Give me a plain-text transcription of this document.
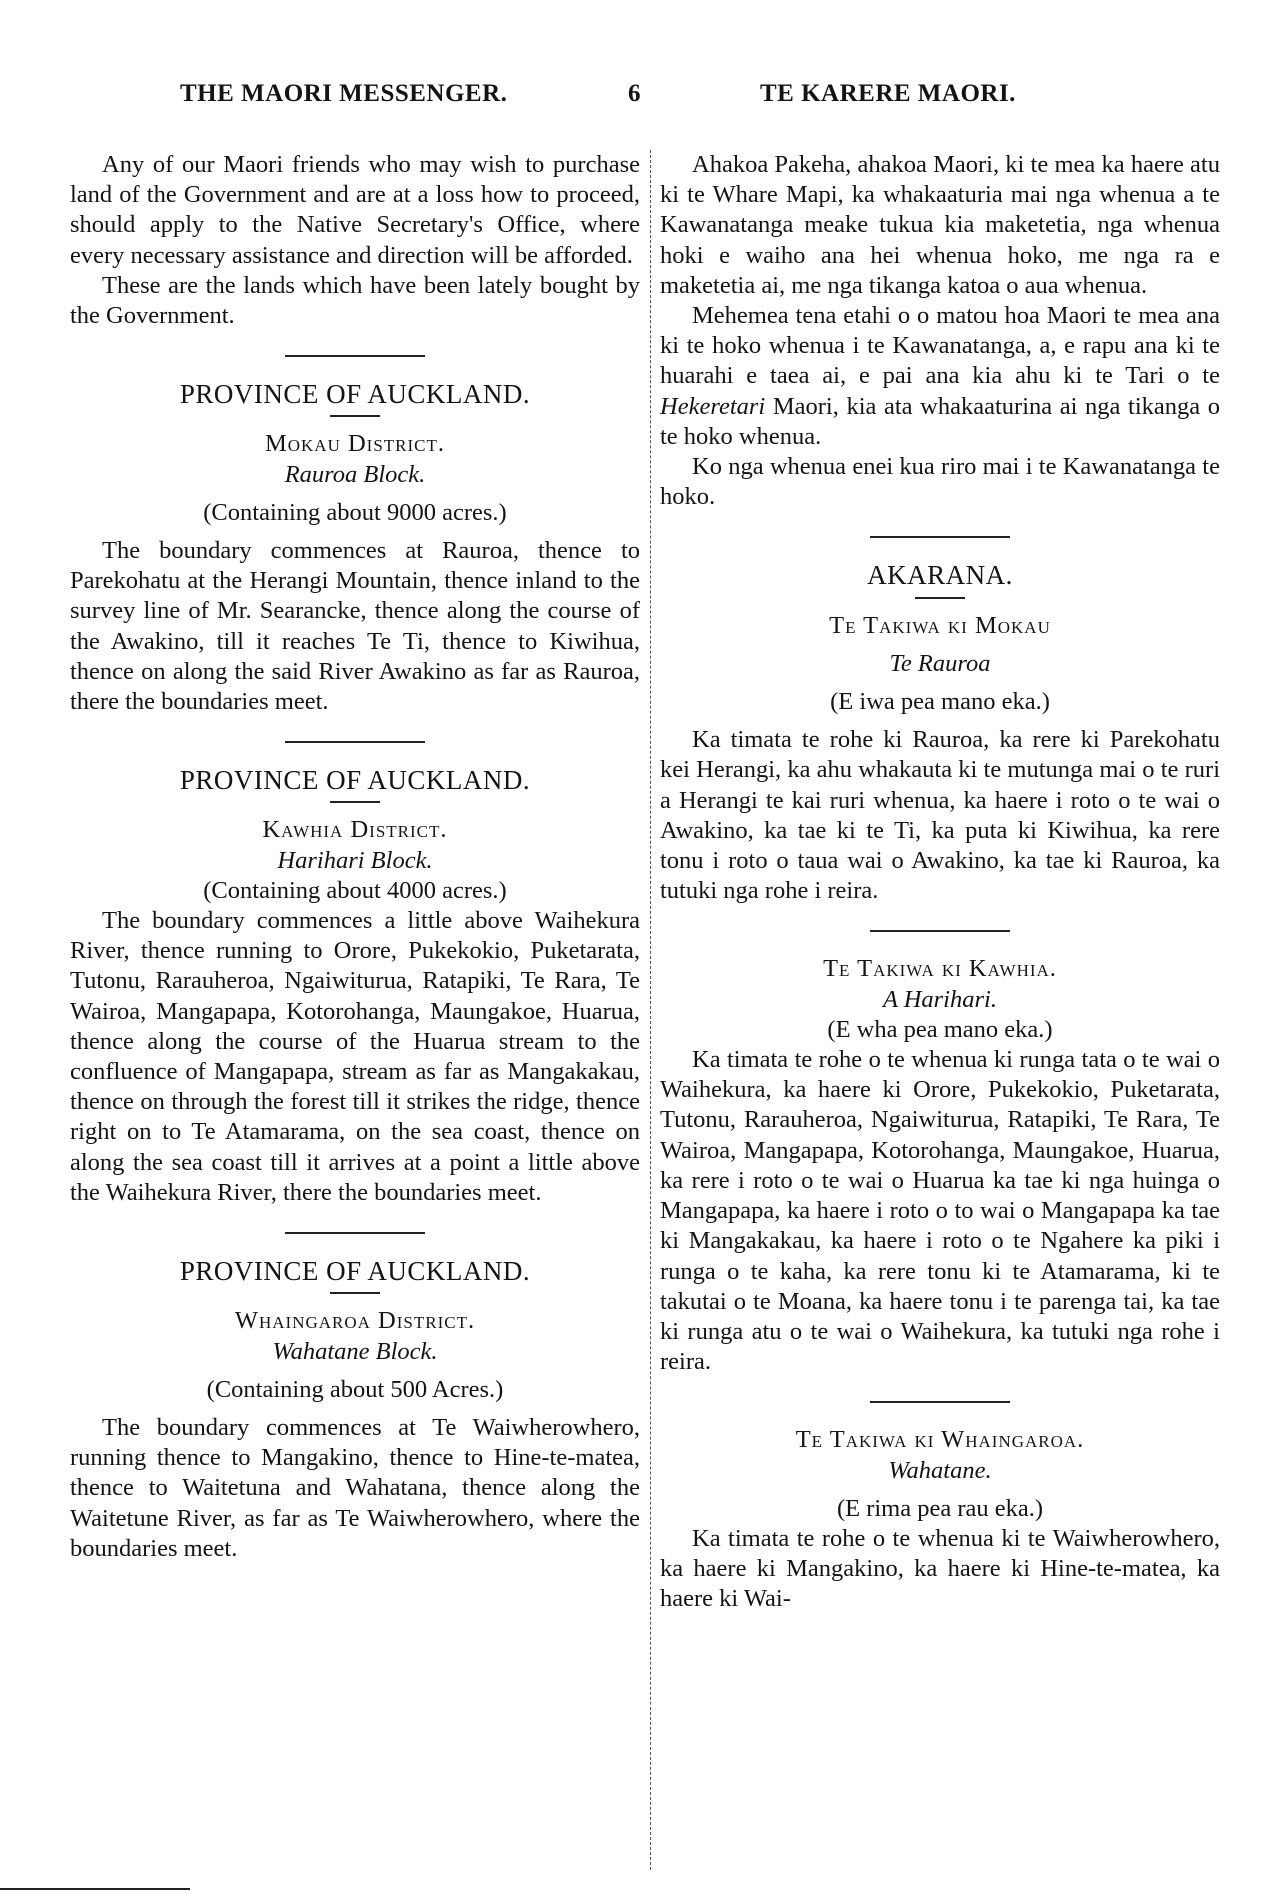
THE MAORI MESSENGER.	6	TE KARERE MAORI.

Any of our Maori friends who may wish to purchase land of the Government and are at a loss how to proceed, should apply to the Native Secretary's Office, where every necessary assistance and direction will be afforded.

These are the lands which have been lately bought by the Government.

PROVINCE OF AUCKLAND.

Mokau District.

Rauroa Block.

(Containing about 9000 acres.)

The boundary commences at Rauroa, thence to Parekohatu at the Herangi Mountain, thence inland to the survey line of Mr. Searancke, thence along the course of the Awakino, till it reaches Te Ti, thence to Kiwihua, thence on along the said River Awakino as far as Rauroa, there the boundaries meet.

PROVINCE OF AUCKLAND.

Kawhia District.

Harihari Block.

(Containing about 4000 acres.)

The boundary commences a little above Waihekura River, thence running to Orore, Pukekokio, Puketarata, Tutonu, Rarauheroa, Ngaiwiturua, Ratapiki, Te Rara, Te Wairoa, Mangapapa, Kotorohanga, Maungakoe, Huarua, thence along the course of the Huarua stream to the confluence of Mangapapa, stream as far as Mangakakau, thence on through the forest till it strikes the ridge, thence right on to Te Atamarama, on the sea coast, thence on along the sea coast till it arrives at a point a little above the Waihekura River, there the boundaries meet.

PROVINCE OF AUCKLAND.

Whaingaroa District.

Wahatane Block.

(Containing about 500 Acres.)

The boundary commences at Te Waiwherowhero, running thence to Mangakino, thence to Hine-te-matea, thence to Waitetuna and Wahatana, thence along the Waitetune River, as far as Te Waiwherowhero, where the boundaries meet.

Ahakoa Pakeha, ahakoa Maori, ki te mea ka haere atu ki te Whare Mapi, ka whakaaturia mai nga whenua a te Kawanatanga meake tukua kia maketetia, nga whenua hoki e waiho ana hei whenua hoko, me nga ra e maketetia ai, me nga tikanga katoa o aua whenua.

Mehemea tena etahi o o matou hoa Maori te mea ana ki te hoko whenua i te Kawanatanga, a, e rapu ana ki te huarahi e taea ai, e pai ana kia ahu ki te Tari o te Hekeretari Maori, kia ata whakaaturina ai nga tikanga o te hoko whenua.

Ko nga whenua enei kua riro mai i te Kawanatanga te hoko.

AKARANA.

Te Takiwa ki Mokau

Te Rauroa

(E iwa pea mano eka.)

Ka timata te rohe ki Rauroa, ka rere ki Parekohatu kei Herangi, ka ahu whakauta ki te mutunga mai o te ruri a Herangi te kai ruri whenua, ka haere i roto o te wai o Awakino, ka tae ki te Ti, ka puta ki Kiwihua, ka rere tonu i roto o taua wai o Awakino, ka tae ki Rauroa, ka tutuki nga rohe i reira.

Te Takiwa ki Kawhia.

A Harihari.

(E wha pea mano eka.)

Ka timata te rohe o te whenua ki runga tata o te wai o Waihekura, ka haere ki Orore, Pukekokio, Puketarata, Tutonu, Rarauheroa, Ngaiwiturua, Ratapiki, Te Rara, Te Wairoa, Mangapapa, Kotorohanga, Maungakoe, Huarua, ka rere i roto o te wai o Huarua ka tae ki nga huinga o Mangapapa, ka haere i roto o to wai o Mangapapa ka tae ki Mangakakau, ka haere i roto o te Ngahere ka piki i runga o te kaha, ka rere tonu ki te Atamarama, ki te takutai o te Moana, ka haere tonu i te parenga tai, ka tae ki runga atu o te wai o Waihekura, ka tutuki nga rohe i reira.

Te Takiwa ki Whaingaroa.

Wahatane.

(E rima pea rau eka.)

Ka timata te rohe o te whenua ki te Waiwherowhero, ka haere ki Mangakino, ka haere ki Hine-te-matea, ka haere ki Wai-
